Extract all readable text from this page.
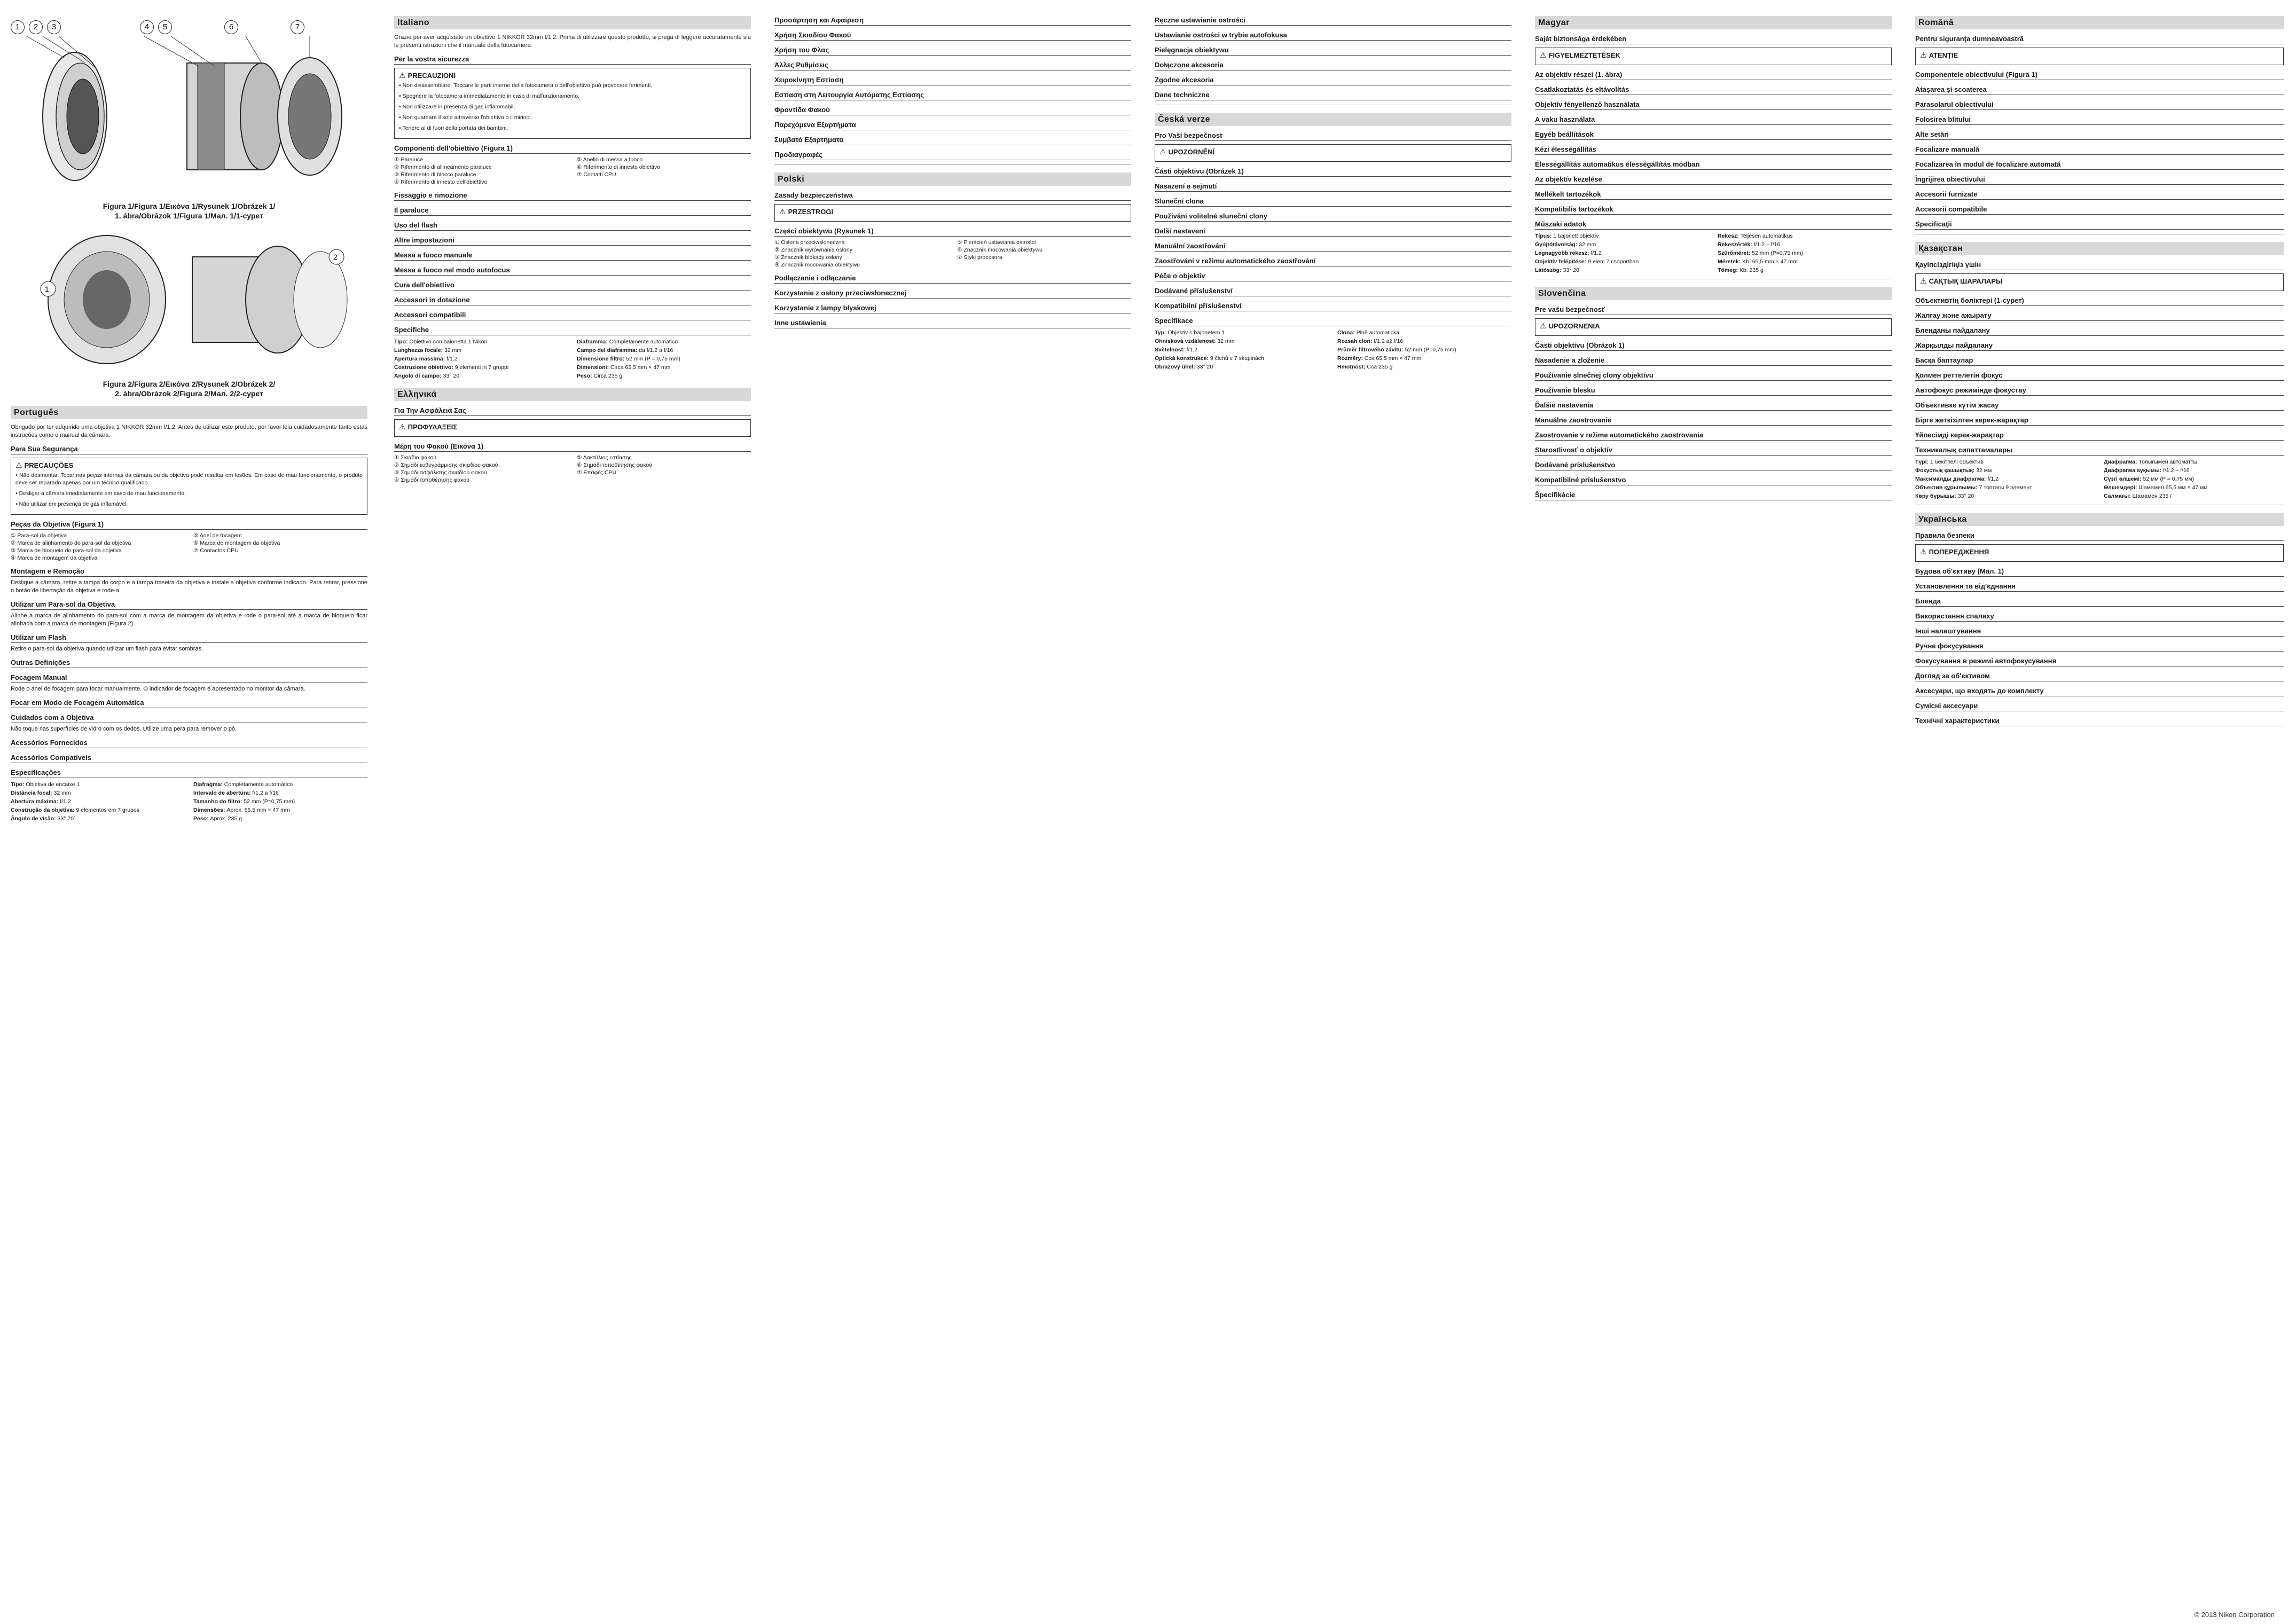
1	2	3	4	5	6	7
Figura 1/Figura 1/Εικόνα 1/Rysunek 1/Obrázek 1/
1. ábra/Obrázok 1/Figura 1/Мал. 1/1-сурет
1
2
Figura 2/Figura 2/Εικόνα 2/Rysunek 2/Obrázek 2/
2. ábra/Obrázok 2/Figura 2/Мал. 2/2-сурет
Português

Obrigado por ter adquirido uma objetiva 1 NIKKOR 32mm f/1.2. Antes de utilizar este produto, por favor leia cuidadosamente tanto estas instruções como o manual da câmara.

Para Sua Segurança
⚠ PRECAUÇÕES

• Não desmontar. Tocar nas peças internas da câmara ou da objetiva pode resultar em lesões. Em caso de mau funcionamento, o produto deve ser reparado apenas por um técnico qualificado.

• Desligar a câmara imediatamente em caso de mau funcionamento.

• Não utilizar em presença de gás inflamável.

Peças da Objetiva (Figura 1)
① Para-sol da objetiva	⑤ Anel de focagem
② Marca de alinhamento do para-sol da objetiva	⑥ Marca de montagem da objetiva
③ Marca de bloqueio do para-sol da objetiva	⑦ Contactos CPU
④ Marca de montagem da objetiva
Montagem e Remoção

Desligue a câmara, retire a tampa do corpo e a tampa traseira da objetiva e instale a objetiva conforme indicado. Para retirar, pressione o botão de libertação da objetiva e rode-a.

Utilizar um Para-sol da Objetiva

Alinhe a marca de alinhamento do para-sol com a marca de montagem da objetiva e rode o para-sol até a marca de bloqueio ficar alinhada com a marca de montagem (Figura 2).

Utilizar um Flash

Retire o para-sol da objetiva quando utilizar um flash para evitar sombras.

Outras Definições
Focagem Manual

Rode o anel de focagem para focar manualmente. O indicador de focagem é apresentado no monitor da câmara.

Focar em Modo de Focagem Automática
Cuidados com a Objetiva

Não toque nas superfícies de vidro com os dedos. Utilize uma pera para remover o pó.

Acessórios Fornecidos
Acessórios Compatíveis
Especificações
Tipo: Objetiva de encaixe 1	Diafragma: Completamente automático
Distância focal: 32 mm	Intervalo de abertura: f/1.2 a f/16
Abertura máxima: f/1.2	Tamanho do filtro: 52 mm (P=0,75 mm)
Construção da objetiva: 9 elementos em 7 grupos	Dimensões: Aprox. 65,5 mm × 47 mm
Ângulo de visão: 33° 20´	Peso: Aprox. 235 g
Italiano

Grazie per aver acquistato un obiettivo 1 NIKKOR 32mm f/1.2. Prima di utilizzare questo prodotto, si prega di leggere accuratamente sia le presenti istruzioni che il manuale della fotocamera.

Per la vostra sicurezza
⚠ PRECAUZIONI

• Non disassemblare. Toccare le parti interne della fotocamera o dell'obiettivo può provocare ferimenti.

• Spegnere la fotocamera immediatamente in caso di malfunzionamento.

• Non utilizzare in presenza di gas infiammabili.

• Non guardare il sole attraverso l'obiettivo o il mirino.

• Tenere al di fuori della portata dei bambini.

Componenti dell'obiettivo (Figura 1)
① Paraluce	⑤ Anello di messa a fuoco
② Riferimento di allineamento paraluce	⑥ Riferimento di innesto obiettivo
③ Riferimento di blocco paraluce	⑦ Contatti CPU
④ Riferimento di innesto dell'obiettivo
Fissaggio e rimozione
Il paraluce
Uso del flash
Altre impostazioni
Messa a fuoco manuale
Messa a fuoco nel modo autofocus
Cura dell'obiettivo
Accessori in dotazione
Accessori compatibili
Specifiche
Tipo: Obiettivo con baionetta 1 Nikon	Diaframma: Completamente automatico
Lunghezza focale: 32 mm	Campo del diaframma: da f/1.2 a f/16
Apertura massima: f/1.2	Dimensione filtro: 52 mm (P = 0,75 mm)
Costruzione obiettivo: 9 elementi in 7 gruppi	Dimensioni: Circa 65,5 mm × 47 mm
Angolo di campo: 33° 20´	Peso: Circa 235 g
Ελληνικά
Για Την Ασφάλειά Σας
⚠ ΠΡΟΦΥΛΑΞΕΙΣ
Μέρη του Φακού (Εικόνα 1)
① Σκιάδιο φακού	⑤ Δακτύλιος εστίασης
② Σημάδι ευθυγράμμισης σκιαδίου φακού	⑥ Σημάδι τοποθέτησης φακού
③ Σημάδι ασφάλισης σκιαδίου φακού	⑦ Επαφές CPU
④ Σημάδι τοποθέτησης φακού
Προσάρτηση και Αφαίρεση
Χρήση Σκιαδίου Φακού
Χρήση του Φλας
Άλλες Ρυθμίσεις
Χειροκίνητη Εστίαση
Εστίαση στη Λειτουργία Αυτόματης Εστίασης
Φροντίδα Φακού
Παρεχόμενα Εξαρτήματα
Συμβατά Εξαρτήματα
Προδιαγραφές
Polski
Zasady bezpieczeństwa
⚠ PRZESTROGI
Części obiektywu (Rysunek 1)
① Osłona przeciwsłoneczna	⑤ Pierścień ustawiania ostrości
② Znacznik wyrównania osłony	⑥ Znacznik mocowania obiektywu
③ Znacznik blokady osłony	⑦ Styki procesora
④ Znacznik mocowania obiektywu
Podłączanie i odłączanie
Korzystanie z osłony przeciwsłonecznej
Korzystanie z lampy błyskowej
Inne ustawienia
Ręczne ustawianie ostrości
Ustawianie ostrości w trybie autofokusa
Pielęgnacja obiektywu
Dołączone akcesoria
Zgodne akcesoria
Dane techniczne
Česká verze
Pro Vaši bezpečnost
⚠ UPOZORNĚNÍ
Části objektivu (Obrázek 1)
Nasazení a sejmutí
Sluneční clona
Používání volitelné sluneční clony
Další nastavení
Manuální zaostřování
Zaostřování v režimu automatického zaostřování
Péče o objektiv
Dodávané příslušenství
Kompatibilní příslušenství
Specifikace
Typ: Objektiv s bajonetem 1	Clona: Plně automatická
Ohnisková vzdálenost: 32 mm	Rozsah clon: f/1.2 až f/16
Světelnost: f/1.2	Průměr filtrového závitu: 52 mm (P=0,75 mm)
Optická konstrukce: 9 členů v 7 skupinách	Rozměry: Cca 65,5 mm × 47 mm
Obrazový úhel: 33° 20´	Hmotnost: Cca 235 g
Magyar
Saját biztonsága érdekében
⚠ FIGYELMEZTETÉSEK
Az objektív részei (1. ábra)
Csatlakoztatás és eltávolítás
Objektív fényellenző használata
A vaku használata
Egyéb beállítások
Kézi élességállítás
Élességállítás automatikus élességállítás módban
Az objektív kezelése
Mellékelt tartozékok
Kompatibilis tartozékok
Műszaki adatok
Típus: 1 bajonett objektív	Rekesz: Teljesen automatikus
Gyújtótávolság: 32 mm	Rekeszérték: f/1.2 – f/16
Legnagyobb rekesz: f/1.2	Szűrőméret: 52 mm (P=0,75 mm)
Objektív felépítése: 9 elem 7 csoportban	Méretek: Kb. 65,5 mm × 47 mm
Látószög: 33° 20´	Tömeg: Kb. 235 g
Slovenčina
Pre vašu bezpečnosť
⚠ UPOZORNENIA
Časti objektívu (Obrázok 1)
Nasadenie a zloženie
Používanie slnečnej clony objektívu
Používanie blesku
Ďalšie nastavenia
Manuálne zaostrovanie
Zaostrovanie v režime automatického zaostrovania
Starostlivosť o objektív
Dodávané príslušenstvo
Kompatibilné príslušenstvo
Špecifikácie
Română
Pentru siguranţa dumneavoastră
⚠ ATENŢIE
Componentele obiectivului (Figura 1)
Ataşarea şi scoaterea
Parasolarul obiectivului
Folosirea blitului
Alte setări
Focalizare manuală
Focalizarea în modul de focalizare automată
Îngrijirea obiectivului
Accesorii furnizate
Accesorii compatibile
Specificaţii
Қазақстан
Қауіпсіздігіңіз үшін
⚠ САҚТЫҚ ШАРАЛАРЫ
Объективтің бөліктері (1-сурет)
Жалғау және ажырату
Бленданы пайдалану
Жарқылды пайдалану
Басқа баптаулар
Қолмен реттелетін фокус
Автофокус режимінде фокустау
Объективке күтім жасау
Бірге жеткізілген керек-жарақтар
Үйлесімді керек-жарақтар
Техникалық сипаттамалары
Түрі: 1 бекітпелі объектив	Диафрагма: Толығымен автоматты
Фокустық қашықтық: 32 мм	Диафрагма ауқымы: f/1.2 – f/16
Максималды диафрагма: f/1.2	Сүзгі өлшемі: 52 мм (P = 0,75 мм)
Объектив құрылымы: 7 топтағы 9 элемент	Өлшемдері: Шамамен 65,5 мм × 47 мм
Көру бұрышы: 33° 20´	Салмағы: Шамамен 235 г
Українська
Правила безпеки
⚠ ПОПЕРЕДЖЕННЯ
Будова об'єктиву (Мал. 1)
Установлення та від'єднання
Бленда
Використання спалаху
Інші налаштування
Ручне фокусування
Фокусування в режимі автофокусування
Догляд за об'єктивом
Аксесуари, що входять до комплекту
Сумісні аксесуари
Технічні характеристики
© 2013 Nikon Corporation
